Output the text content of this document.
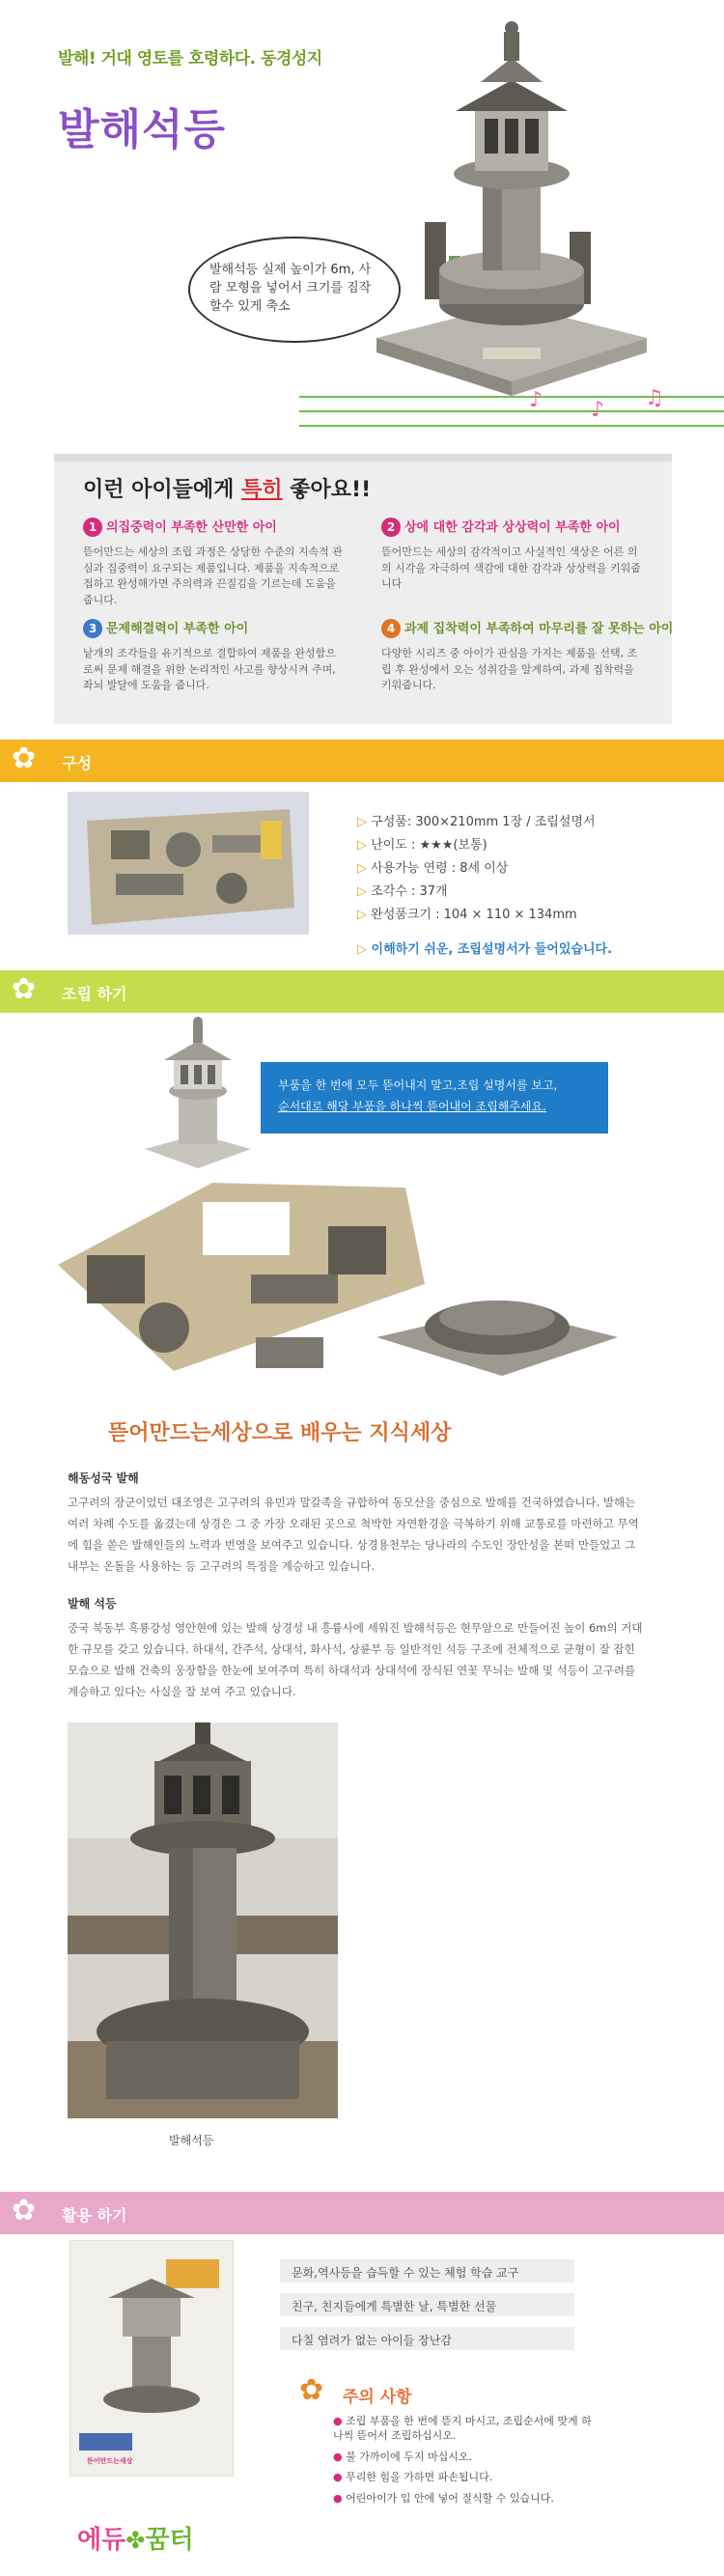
발해! 거대 영토를 호령하다. 동경성지
발해석등
발해석등 실제 높이가 6m, 사람 모형을 넣어서 크기를 짐작할수 있게 축소
♪ ♪ ♫
이런 아이들에게 특히 좋아요!!
1 의집중력이 부족한 산만한 아이
뜯어만드는 세상의 조립 과정은 상당한 수준의 지속적 관심과 집중력이 요구되는 제품입니다. 제품을 지속적으로 접하고 완성해가면 주의력과 끈질김을 기르는데 도움을 줍니다.
2 상에 대한 감각과 상상력이 부족한 아이
뜯어만드는 세상의 감각적이고 사실적인 색상은 어른 의의 시각을 자극하여 색감에 대한 감각과 상상력을 키워줍니다
3 문제해결력이 부족한 아이
낱개의 조각들을 유기적으로 결합하여 제품을 완성함으로써 문제 해결을 위한 논리적인 사고를 향상시켜 주며, 좌뇌 발달에 도움을 줍니다.
4 과제 집착력이 부족하여 마무리를 잘 못하는 아이
다양한 시리즈 중 아이가 관심을 가지는 제품을 선택, 조립 후 완성에서 오는 성취감을 알게하여, 과제 집착력을 키워줍니다.
✿ 구성
▷ 구성품: 300×210mm 1장 / 조립설명서
▷ 난이도 : ★★★(보통)
▷ 사용가능 연령 : 8세 이상
▷ 조각수 : 37개
▷ 완성품크기 : 104 × 110 × 134mm
▷ 이해하기 쉬운, 조립설명서가 들어있습니다.
✿ 조립 하기
부품을 한 번에 모두 뜯어내지 말고,조립 설명서를 보고,
순서대로 해당 부품을 하나씩 뜯어내어 조립해주세요.
뜯어만드는세상으로 배우는 지식세상
해동성국 발해
고구려의 장군이었던 대조영은 고구려의 유민과 말갈족을 규합하여 동모산을 중심으로 발해를 건국하였습니다. 발해는 여러 차례 수도를 옮겼는데 상경은 그 중 가장 오래된 곳으로 척박한 자연환경을 극복하기 위해 교통로를 마련하고 무역에 힘을 쏟은 발해인들의 노력과 번영을 보여주고 있습니다. 상경용천부는 당나라의 수도인 장안성을 본떠 만들었고 그 내부는 온돌을 사용하는 등 고구려의 특징을 계승하고 있습니다.
발해 석등
중국 북동부 흑룡강성 영안현에 있는 발해 상경성 내 흥륭사에 세워진 발해석등은 현무암으로 만들어진 높이 6m의 거대한 규모를 갖고 있습니다. 하대석, 간주석, 상대석, 화사석, 상륜부 등 일반적인 석등 구조에 전체적으로 균형이 잘 잡힌 모습으로 발해 건축의 웅장함을 한눈에 보여주며 특히 하대석과 상대석에 장식된 연꽃 무늬는 발해 및 석등이 고구려를 계승하고 있다는 사실을 잘 보여 주고 있습니다.
발해석등
✿ 활용 하기
뜯어만드는세상
문화,역사등을 습득할 수 있는 체험 학습 교구
친구, 친지들에게 특별한 날, 특별한 선물
다칠 염려가 없는 아이들 장난감
✿ 주의 사항
● 조립 부품을 한 번에 뜯지 마시고, 조립순서에 맞게 하나씩 뜯어서 조립하십시오.
● 불 가까이에 두지 마십시오.
● 무리한 힘을 가하면 파손됩니다.
● 어린아이가 입 안에 넣어 질식할 수 있습니다.
에듀✤꿈터
